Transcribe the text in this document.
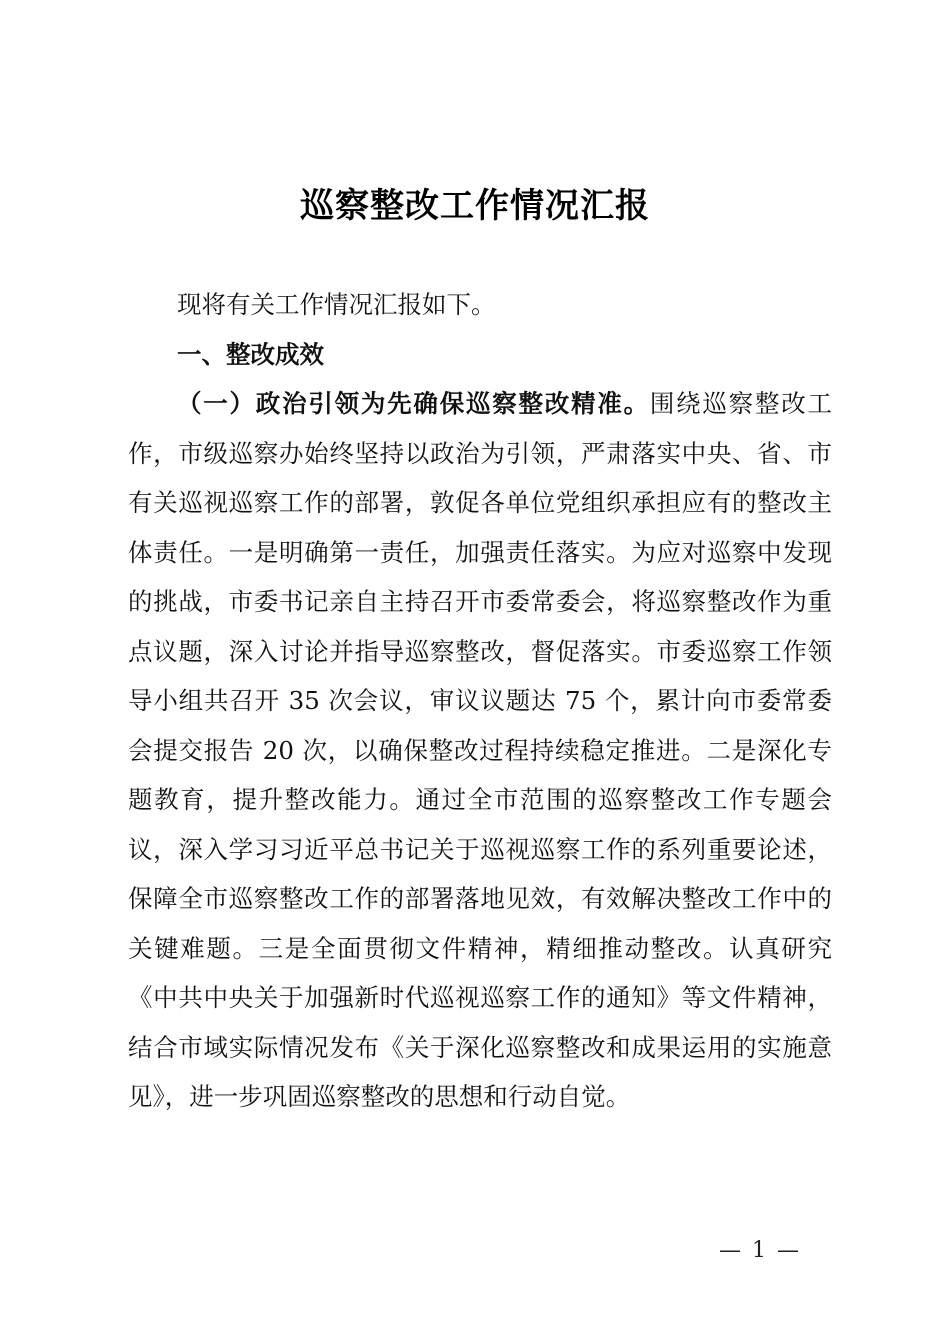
巡察整改工作情况汇报

现将有关工作情况汇报如下。

一、整改成效

（一）政治引领为先确保巡察整改精准。围绕巡察整改工作，市级巡察办始终坚持以政治为引领，严肃落实中央、省、市有关巡视巡察工作的部署，敦促各单位党组织承担应有的整改主体责任。一是明确第一责任，加强责任落实。为应对巡察中发现的挑战，市委书记亲自主持召开市委常委会，将巡察整改作为重点议题，深入讨论并指导巡察整改，督促落实。市委巡察工作领导小组共召开 35 次会议，审议议题达 75 个，累计向市委常委会提交报告 20 次，以确保整改过程持续稳定推进。二是深化专题教育，提升整改能力。通过全市范围的巡察整改工作专题会议，深入学习习近平总书记关于巡视巡察工作的系列重要论述，保障全市巡察整改工作的部署落地见效，有效解决整改工作中的关键难题。三是全面贯彻文件精神，精细推动整改。认真研究《中共中央关于加强新时代巡视巡察工作的通知》等文件精神，结合市域实际情况发布《关于深化巡察整改和成果运用的实施意见》，进一步巩固巡察整改的思想和行动自觉。

— 1 —
